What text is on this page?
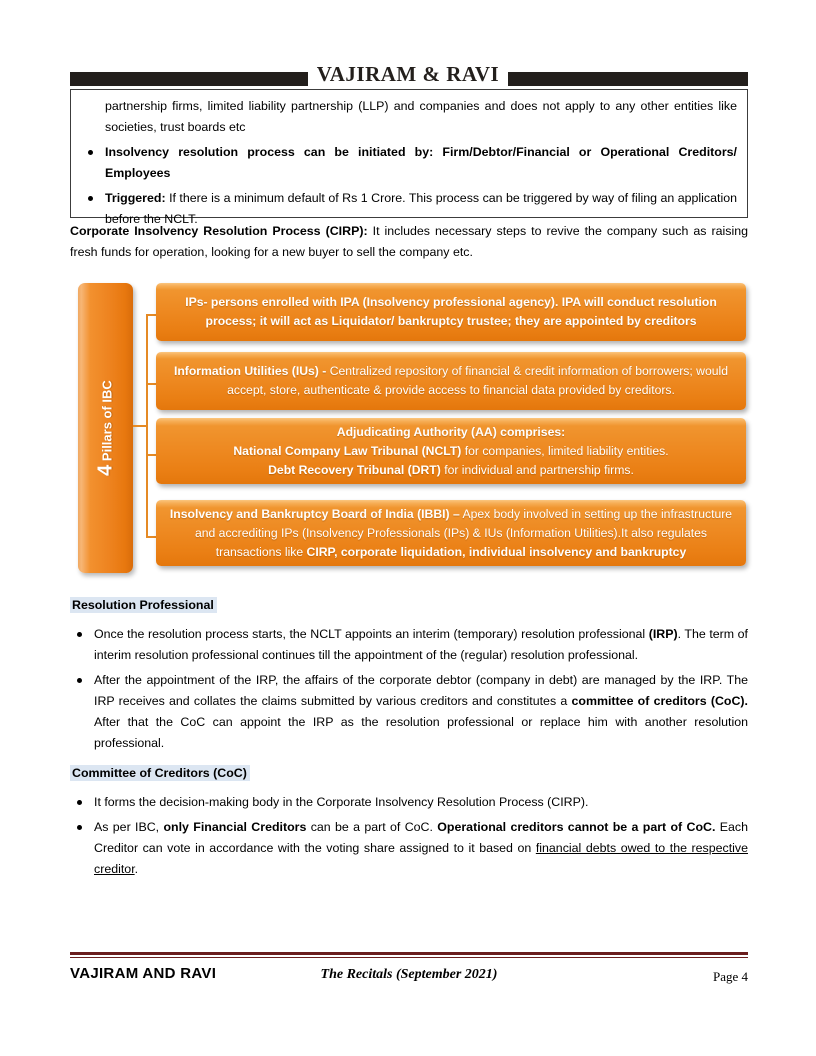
VAJIRAM & RAVI
partnership firms, limited liability partnership (LLP) and companies and does not apply to any other entities like societies, trust boards etc
Insolvency resolution process can be initiated by: Firm/Debtor/Financial or Operational Creditors/ Employees
Triggered: If there is a minimum default of Rs 1 Crore. This process can be triggered by way of filing an application before the NCLT.
Corporate Insolvency Resolution Process (CIRP): It includes necessary steps to revive the company such as raising fresh funds for operation, looking for a new buyer to sell the company etc.
4 Pillars of IBC
IPs- persons enrolled with IPA (Insolvency professional agency). IPA will conduct resolution process; it will act as Liquidator/ bankruptcy trustee; they are appointed by creditors
Information Utilities (IUs) - Centralized repository of financial & credit information of borrowers; would accept, store, authenticate & provide access to financial data provided by creditors.
Adjudicating Authority (AA) comprises:
National Company Law Tribunal (NCLT) for companies, limited liability entities.
Debt Recovery Tribunal (DRT) for individual and partnership firms.
Insolvency and Bankruptcy Board of India (IBBI) – Apex body involved in setting up the infrastructure and accrediting IPs (Insolvency Professionals (IPs) & IUs (Information Utilities).It also regulates transactions like CIRP, corporate liquidation, individual insolvency and bankruptcy
Resolution Professional
Once the resolution process starts, the NCLT appoints an interim (temporary) resolution professional (IRP). The term of interim resolution professional continues till the appointment of the (regular) resolution professional.
After the appointment of the IRP, the affairs of the corporate debtor (company in debt) are managed by the IRP. The IRP receives and collates the claims submitted by various creditors and constitutes a committee of creditors (CoC). After that the CoC can appoint the IRP as the resolution professional or replace him with another resolution professional.
Committee of Creditors (CoC)
It forms the decision-making body in the Corporate Insolvency Resolution Process (CIRP).
As per IBC, only Financial Creditors can be a part of CoC. Operational creditors cannot be a part of CoC. Each Creditor can vote in accordance with the voting share assigned to it based on financial debts owed to the respective creditor.
VAJIRAM AND RAVI	The Recitals (September 2021)	Page 4
